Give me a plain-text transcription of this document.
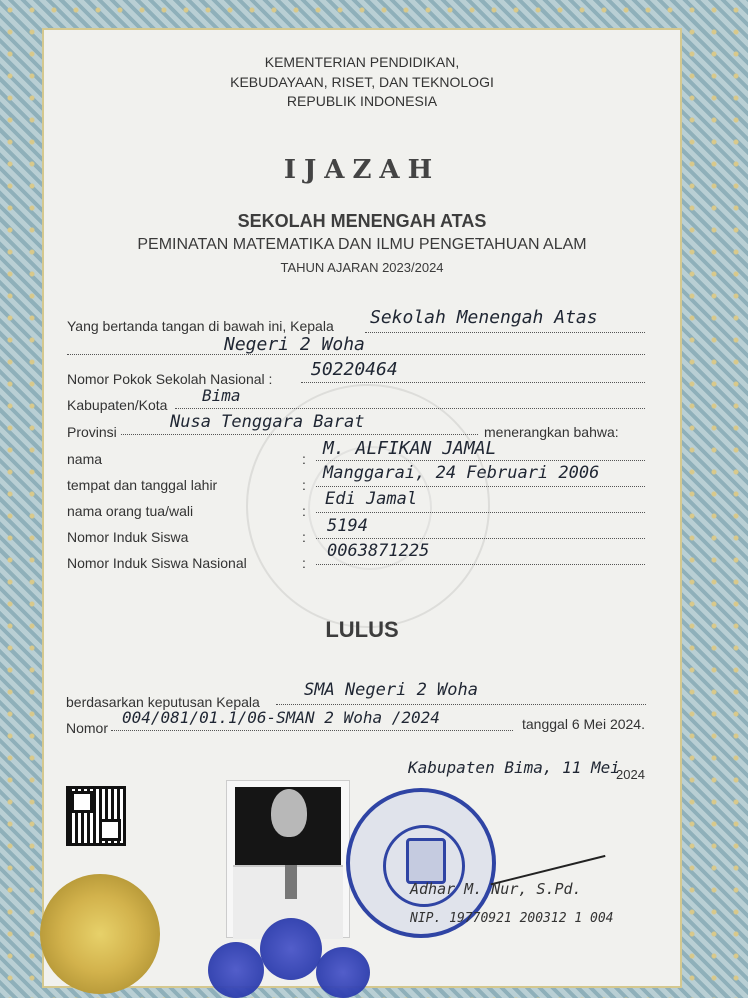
KEMENTERIAN PENDIDIKAN,
KEBUDAYAAN, RISET, DAN TEKNOLOGI
REPUBLIK INDONESIA
IJAZAH
SEKOLAH MENENGAH ATAS
PEMINATAN MATEMATIKA DAN ILMU PENGETAHUAN ALAM
TAHUN AJARAN 2023/2024
Yang bertanda tangan di bawah ini, Kepala Sekolah Menengah Atas
Negeri 2 Woha
Nomor Pokok Sekolah Nasional : 50220464
Kabupaten/Kota Bima
Provinsi	Nusa Tenggara Barat	menerangkan bahwa:
nama	: M. ALFIKAN JAMAL
tempat dan tanggal lahir	:
Manggarai, 24 Februari 2006
nama orang tua/wali	:
Edi Jamal
Nomor Induk Siswa	:
5194
Nomor Induk Siswa Nasional	:
0063871225
LULUS
berdasarkan keputusan Kepala
SMA Negeri 2 Woha
Nomor
004/081/01.1/06-SMAN 2 Woha /2024	tanggal 6 Mei 2024.
Kabupaten Bima, 11 Mei
2024
Adhar M. Nur, S.Pd.
NIP. 19770921 200312 1 004
